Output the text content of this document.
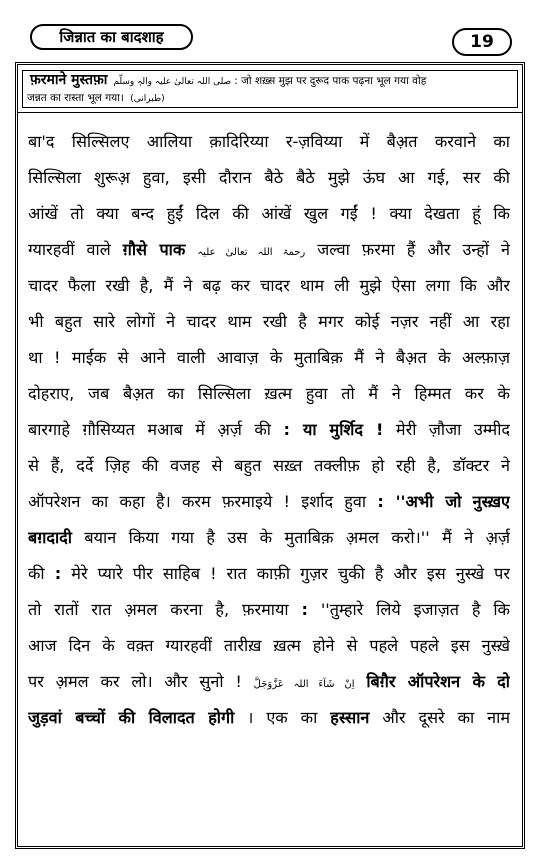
जिन्नात का बादशाह	19
फ़रमाने मुस्तफ़ा صلی اللہ تعالیٰ علیہ والہٖ وسلّم : जो शख़्स मुझ पर दुरूद पाक पढ़ना भूल गया वोह
जन्नत का रास्ता भूल गया। (طبرانی)
बा'द सिल्सिलए आलिया क़ादिरिय्या र-ज़विय्या में बैअ़त करवाने का
सिल्सिला शुरूअ़ हुवा, इसी दौरान बैठे बैठे मुझे ऊंघ आ गई, सर की
आंखें तो क्या बन्द हुईं दिल की आंखें खुल गईं ! क्या देखता हूं कि
ग्यारहवीं वाले ग़ौसे पाक رحمۃ اللہ تعالیٰ علیہ जल्वा फ़रमा हैं और उन्हों ने
चादर फैला रखी है, मैं ने बढ़ कर चादर थाम ली मुझे ऐसा लगा कि और
भी बहुत सारे लोगों ने चादर थाम रखी है मगर कोई नज़र नहीं आ रहा
था ! माईक से आने वाली आवाज़ के मुताबिक़ मैं ने बैअ़त के अल्फ़ाज़
दोहराए, जब बैअ़त का सिल्सिला ख़त्म हुवा तो मैं ने हिम्मत कर के
बारगाहे ग़ौसिय्यत मआब में अ़र्ज़ की : या मुर्शिद ! मेरी ज़ौजा उम्मीद
से हैं, दर्दे ज़िह की वजह से बहुत सख़्त तक्लीफ़ हो रही है, डॉक्टर ने
ऑपरेशन का कहा है। करम फ़रमाइये ! इर्शाद हुवा : ''अभी जो नुस्ख़ए
बग़दादी बयान किया गया है उस के मुताबिक़ अ़मल करो।'' मैं ने अ़र्ज़
की : मेरे प्यारे पीर साहिब ! रात काफ़ी गुज़र चुकी है और इस नुस्खे पर
तो रातों रात अ़मल करना है, फ़रमाया : ''तुम्हारे लिये इजाज़त है कि
आज दिन के वक़्त ग्यारहवीं तारीख़ ख़त्म होने से पहले पहले इस नुस्ख़े
पर अ़मल कर लो। और सुनो ! اِنْ شَآءَ اللہ عَزَّوَجَلَّ बिग़ैर ऑपरेशन के दो
जुड़वां बच्चों की विलादत होगी । एक का हस्सान और दूसरे का नाम
